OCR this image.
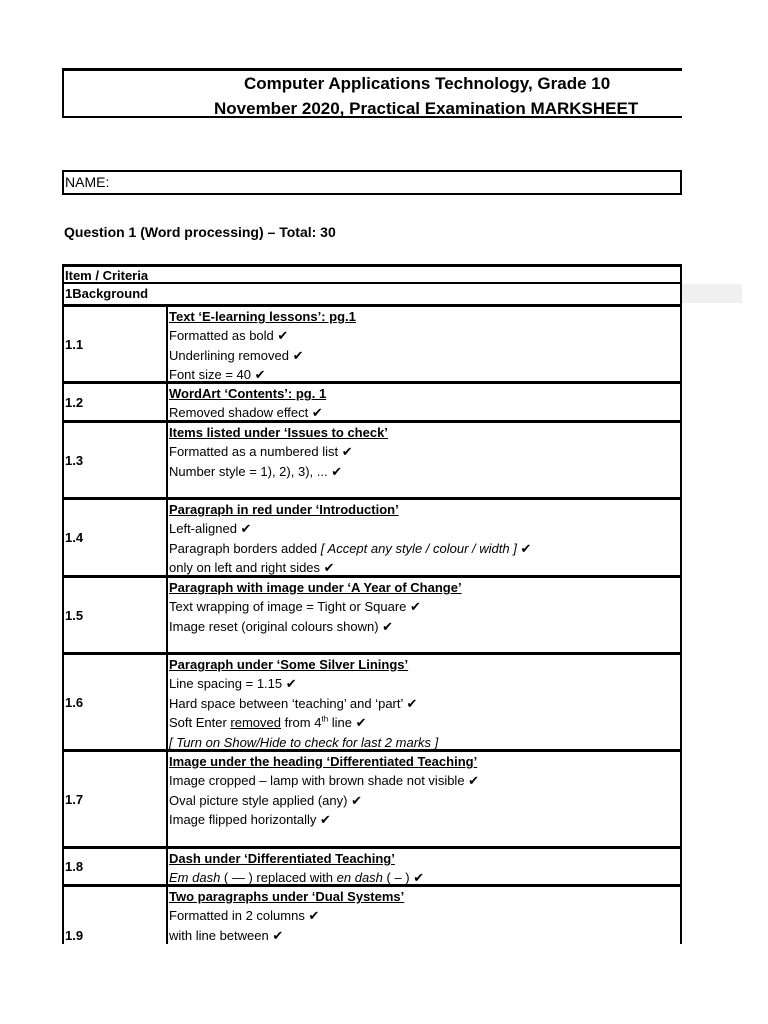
Computer Applications Technology, Grade 10
November 2020, Practical Examination MARKSHEET
NAME:
Question 1 (Word processing) – Total: 30
Item / Criteria
1Background
1.1
Text ‘E-learning lessons’: pg.1
Formatted as bold ✔
Underlining removed ✔
Font size = 40 ✔
1.2
WordArt ‘Contents’: pg. 1
Removed shadow effect ✔
1.3
Items listed under ‘Issues to check’
Formatted as a numbered list ✔
Number style = 1), 2), 3), ... ✔
1.4
Paragraph in red under ‘Introduction’
Left-aligned ✔
Paragraph borders added [ Accept any style / colour / width ] ✔
only on left and right sides ✔
1.5
Paragraph with image under ‘A Year of Change’
Text wrapping of image = Tight or Square ✔
Image reset (original colours shown) ✔
1.6
Paragraph under ‘Some Silver Linings’
Line spacing = 1.15 ✔
Hard space between ‘teaching’ and ‘part’ ✔
Soft Enter removed from 4th line ✔
[ Turn on Show/Hide to check for last 2 marks ]
1.7
Image under the heading ‘Differentiated Teaching’
Image cropped – lamp with brown shade not visible ✔
Oval picture style applied (any) ✔
Image flipped horizontally ✔
1.8
Dash under ‘Differentiated Teaching’
Em dash ( — ) replaced with en dash ( – ) ✔
1.9
Two paragraphs under ‘Dual Systems’
Formatted in 2 columns ✔
with line between ✔
